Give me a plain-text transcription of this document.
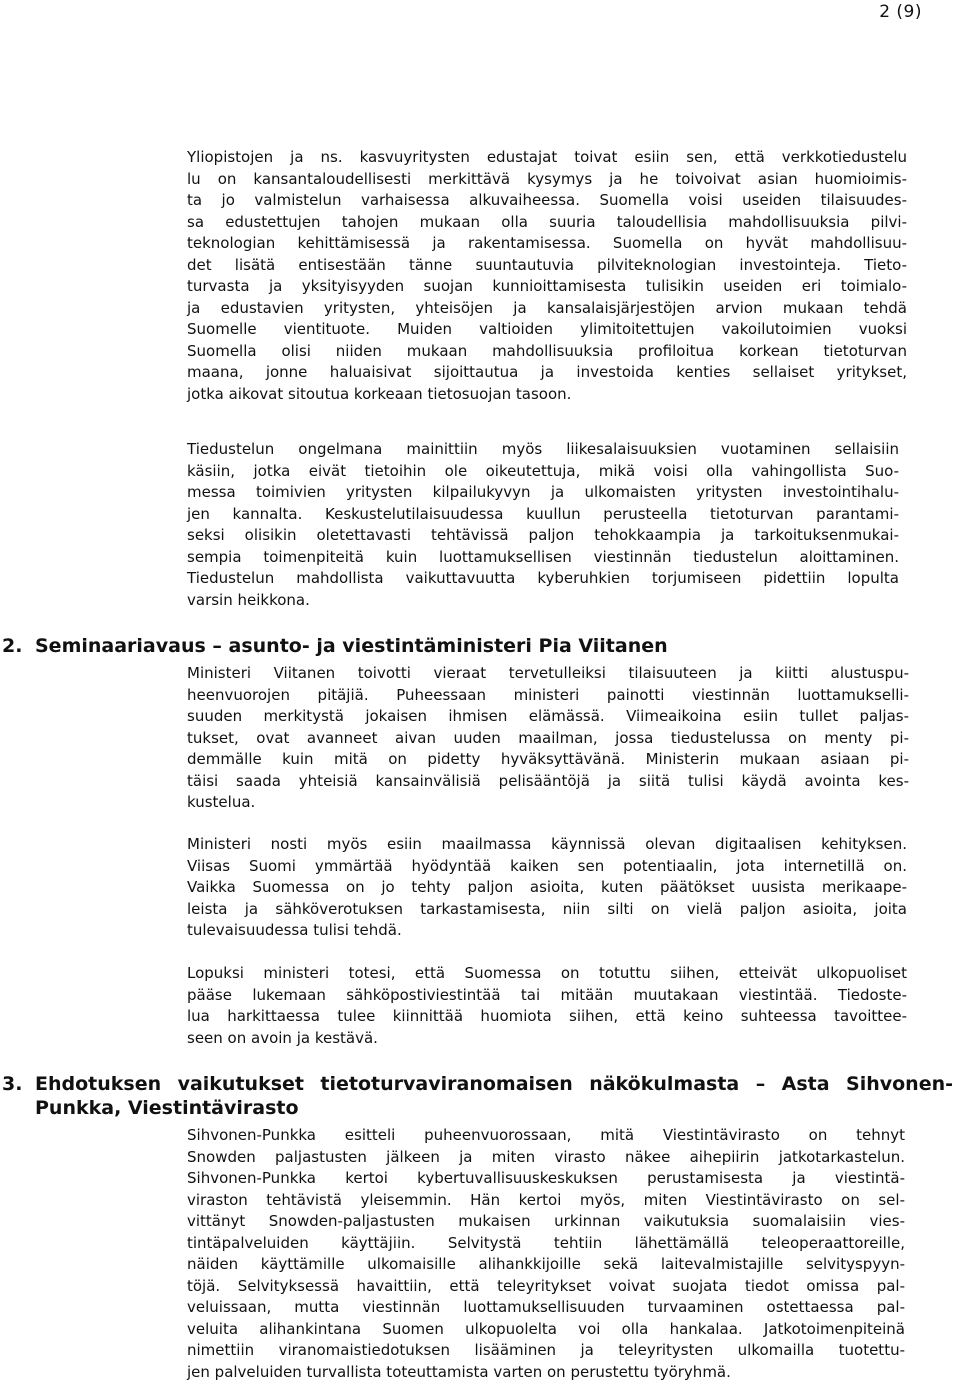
2 (9)
Yliopistojen ja ns. kasvuyritysten edustajat toivat esiin sen, että verkkotiedustelu
lu on kansantaloudellisesti merkittävä kysymys ja he toivoivat asian huomioimis-
ta jo valmistelun varhaisessa alkuvaiheessa. Suomella voisi useiden tilaisuudes-
sa edustettujen tahojen mukaan olla suuria taloudellisia mahdollisuuksia pilvi-
teknologian kehittämisessä ja rakentamisessa. Suomella on hyvät mahdollisuu-
det lisätä entisestään tänne suuntautuvia pilviteknologian investointeja. Tieto-
turvasta ja yksityisyyden suojan kunnioittamisesta tulisikin useiden eri toimialo-
ja edustavien yritysten, yhteisöjen ja kansalaisjärjestöjen arvion mukaan tehdä
Suomelle vientituote. Muiden valtioiden ylimitoitettujen vakoilutoimien vuoksi
Suomella olisi niiden mukaan mahdollisuuksia profiloitua korkean tietoturvan
maana, jonne haluaisivat sijoittautua ja investoida kenties sellaiset yritykset,
jotka aikovat sitoutua korkeaan tietosuojan tasoon.
Tiedustelun ongelmana mainittiin myös liikesalaisuuksien vuotaminen sellaisiin
käsiin, jotka eivät tietoihin ole oikeutettuja, mikä voisi olla vahingollista Suo-
messa toimivien yritysten kilpailukyvyn ja ulkomaisten yritysten investointihalu-
jen kannalta. Keskustelutilaisuudessa kuullun perusteella tietoturvan parantami-
seksi olisikin oletettavasti tehtävissä paljon tehokkaampia ja tarkoituksenmukai-
sempia toimenpiteitä kuin luottamuksellisen viestinnän tiedustelun aloittaminen.
Tiedustelun mahdollista vaikuttavuutta kyberuhkien torjumiseen pidettiin lopulta
varsin heikkona.
2. Seminaariavaus – asunto- ja viestintäministeri Pia Viitanen
Ministeri Viitanen toivotti vieraat tervetulleiksi tilaisuuteen ja kiitti alustuspu-
heenvuorojen pitäjiä. Puheessaan ministeri painotti viestinnän luottamukselli-
suuden merkitystä jokaisen ihmisen elämässä. Viimeaikoina esiin tullet paljas-
tukset, ovat avanneet aivan uuden maailman, jossa tiedustelussa on menty pi-
demmälle kuin mitä on pidetty hyväksyttävänä. Ministerin mukaan asiaan pi-
täisi saada yhteisiä kansainvälisiä pelisääntöjä ja siitä tulisi käydä avointa kes-
kustelua.
Ministeri nosti myös esiin maailmassa käynnissä olevan digitaalisen kehityksen.
Viisas Suomi ymmärtää hyödyntää kaiken sen potentiaalin, jota internetillä on.
Vaikka Suomessa on jo tehty paljon asioita, kuten päätökset uusista merikaape-
leista ja sähköverotuksen tarkastamisesta, niin silti on vielä paljon asioita, joita
tulevaisuudessa tulisi tehdä.
Lopuksi ministeri totesi, että Suomessa on totuttu siihen, etteivät ulkopuoliset
pääse lukemaan sähköpostiviestintää tai mitään muutakaan viestintää. Tiedoste-
lua harkittaessa tulee kiinnittää huomiota siihen, että keino suhteessa tavoittee-
seen on avoin ja kestävä.
3. Ehdotuksen vaikutukset tietoturvaviranomaisen näkökulmasta – Asta Sihvonen-
Punkka, Viestintävirasto
Sihvonen-Punkka esitteli puheenvuorossaan, mitä Viestintävirasto on tehnyt
Snowden paljastusten jälkeen ja miten virasto näkee aihepiirin jatkotarkastelun.
Sihvonen-Punkka kertoi kybertuvallisuuskeskuksen perustamisesta ja viestintä-
viraston tehtävistä yleisemmin. Hän kertoi myös, miten Viestintävirasto on sel-
vittänyt Snowden-paljastusten mukaisen urkinnan vaikutuksia suomalaisiin vies-
tintäpalveluiden käyttäjiin. Selvitystä tehtiin lähettämällä teleoperaattoreille,
näiden käyttämille ulkomaisille alihankkijoille sekä laitevalmistajille selvityspyyn-
töjä. Selvityksessä havaittiin, että teleyritykset voivat suojata tiedot omissa pal-
veluissaan, mutta viestinnän luottamuksellisuuden turvaaminen ostettaessa pal-
veluita alihankintana Suomen ulkopuolelta voi olla hankalaa. Jatkotoimenpiteinä
nimettiin viranomaistiedotuksen lisääminen ja teleyritysten ulkomailla tuotettu-
jen palveluiden turvallista toteuttamista varten on perustettu työryhmä.
